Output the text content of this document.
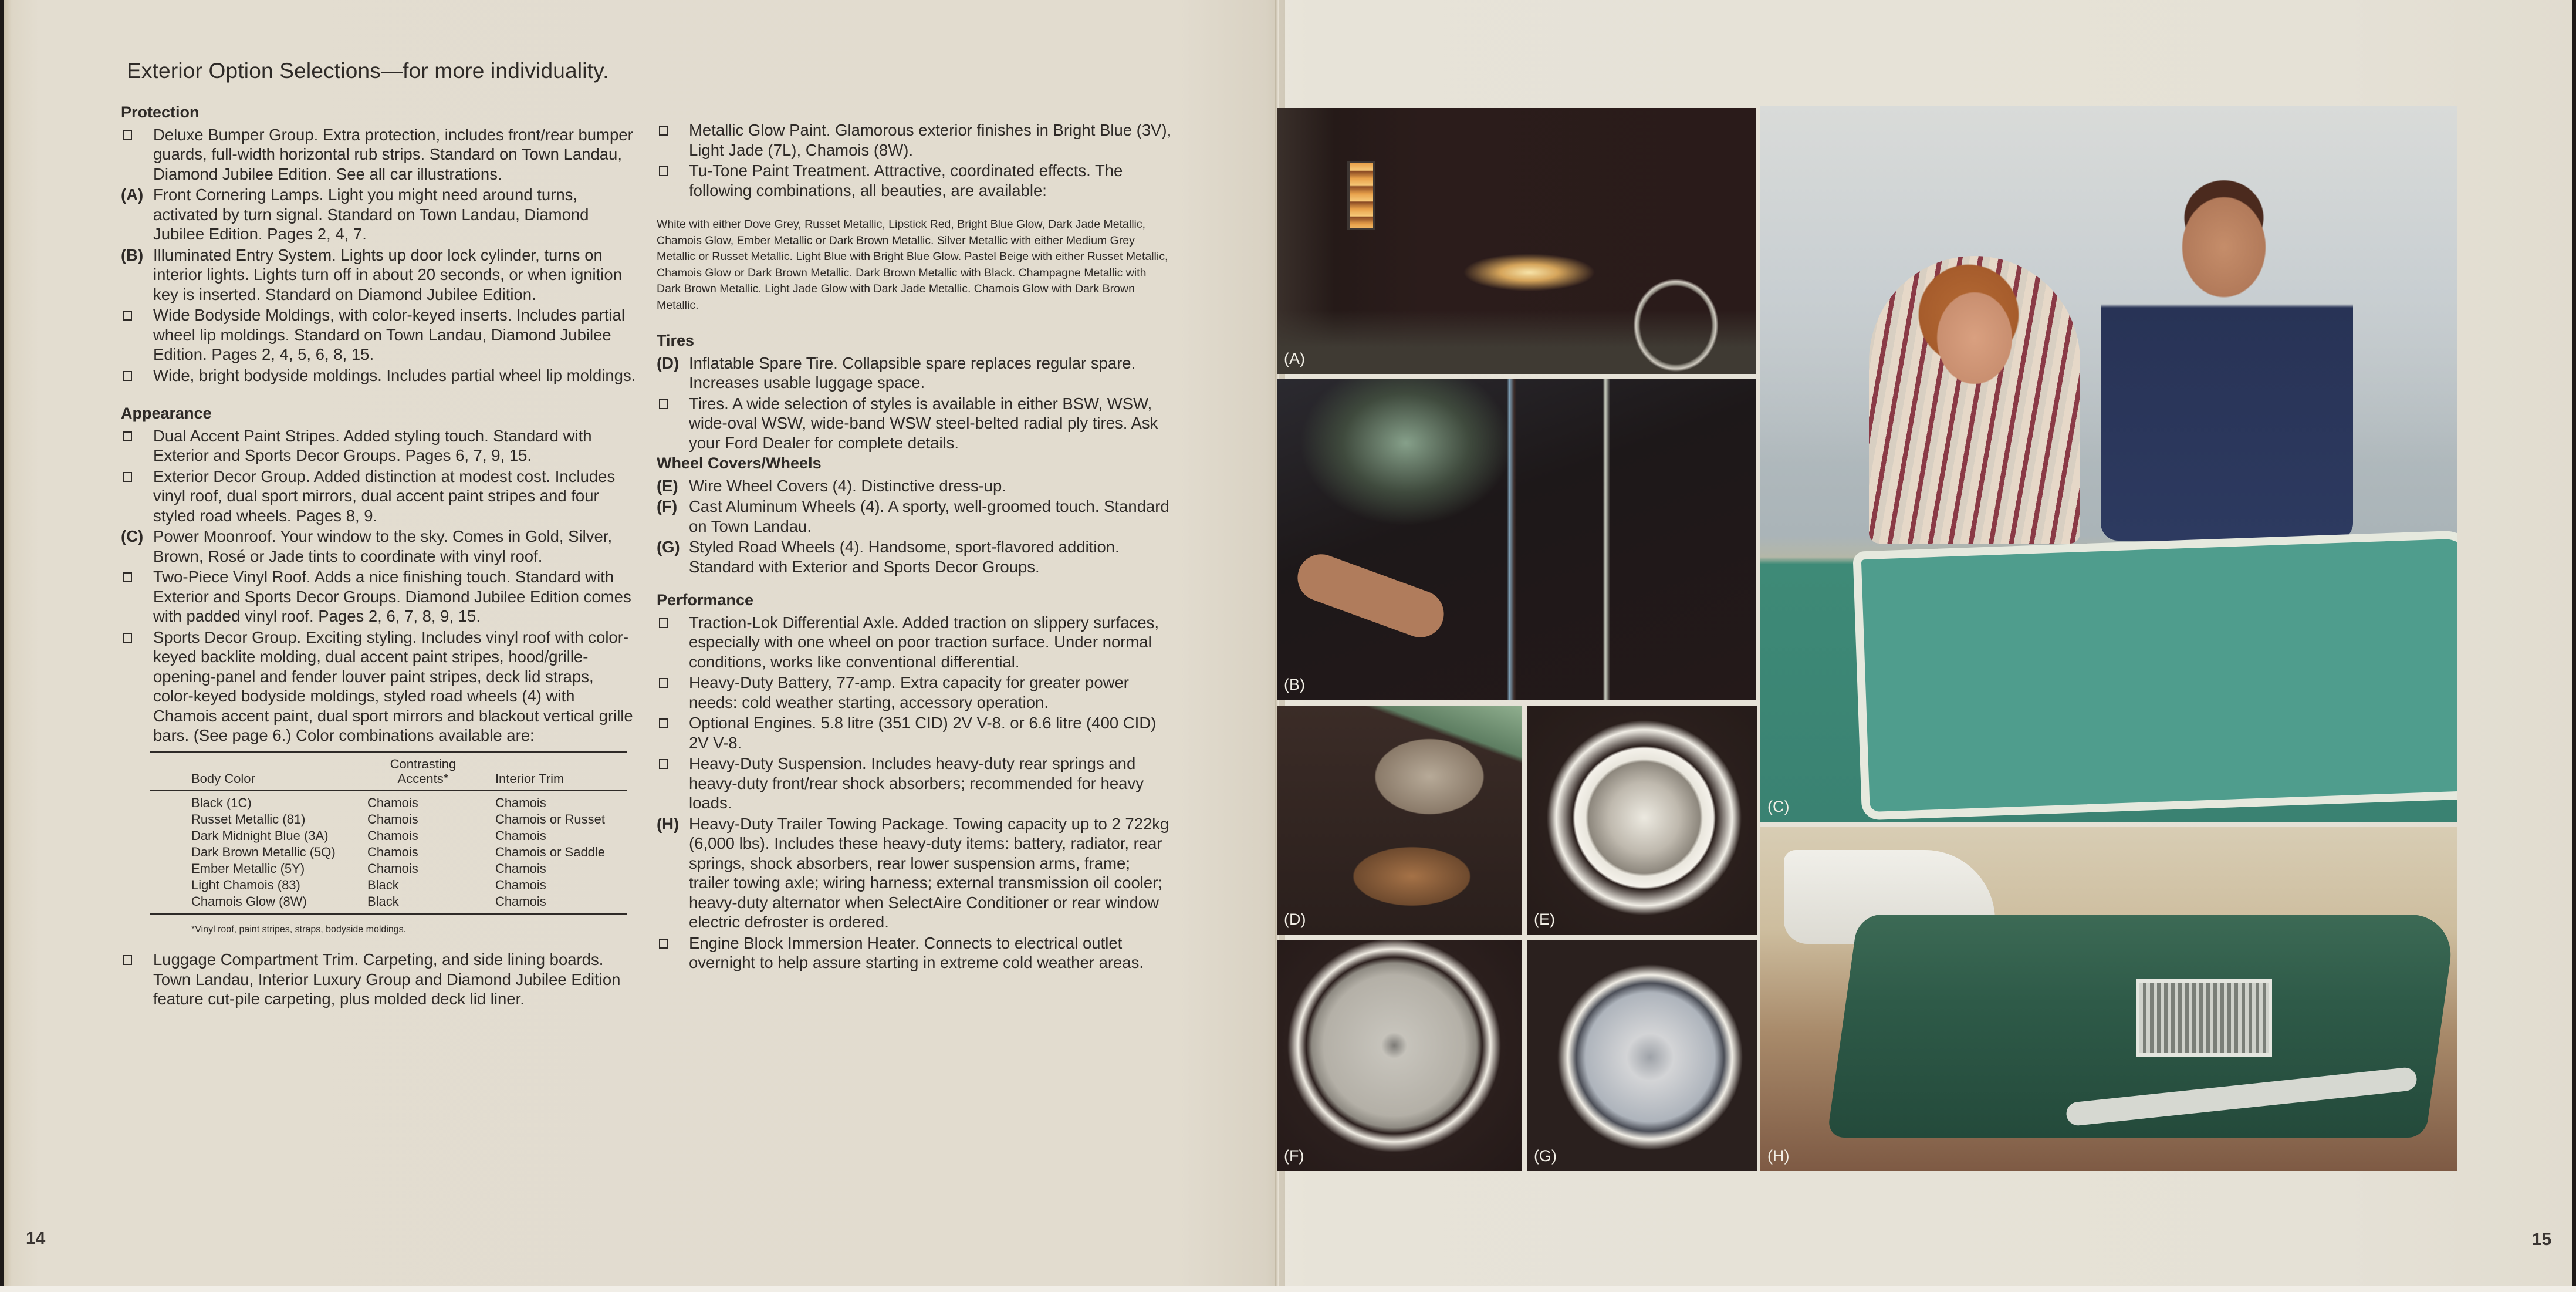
Exterior Option Selections—for more individuality.
Protection
Deluxe Bumper Group. Extra protection, includes front/rear bumper guards, full-width horizontal rub strips. Standard on Town Landau, Diamond Jubilee Edition. See all car illustrations.
(A) Front Cornering Lamps. Light you might need around turns, activated by turn signal. Standard on Town Landau, Diamond Jubilee Edition. Pages 2, 4, 7.
(B) Illuminated Entry System. Lights up door lock cylinder, turns on interior lights. Lights turn off in about 20 seconds, or when ignition key is inserted. Standard on Diamond Jubilee Edition.
Wide Bodyside Moldings, with color-keyed inserts. Includes partial wheel lip moldings. Standard on Town Landau, Diamond Jubilee Edition. Pages 2, 4, 5, 6, 8, 15.
Wide, bright bodyside moldings. Includes partial wheel lip moldings.
Appearance
Dual Accent Paint Stripes. Added styling touch. Standard with Exterior and Sports Decor Groups. Pages 6, 7, 9, 15.
Exterior Decor Group. Added distinction at modest cost. Includes vinyl roof, dual sport mirrors, dual accent paint stripes and four styled road wheels. Pages 8, 9.
(C) Power Moonroof. Your window to the sky. Comes in Gold, Silver, Brown, Rosé or Jade tints to coordinate with vinyl roof.
Two-Piece Vinyl Roof. Adds a nice finishing touch. Standard with Exterior and Sports Decor Groups. Diamond Jubilee Edition comes with padded vinyl roof. Pages 2, 6, 7, 8, 9, 15.
Sports Decor Group. Exciting styling. Includes vinyl roof with color-keyed backlite molding, dual accent paint stripes, hood/grille-opening-panel and fender louver paint stripes, deck lid straps, color-keyed bodyside moldings, styled road wheels (4) with Chamois accent paint, dual sport mirrors and blackout vertical grille bars. (See page 6.) Color combinations available are:
Body Color	Contrasting Accents*	Interior Trim
Black (1C)	Chamois	Chamois
Russet Metallic (81)	Chamois	Chamois or Russet
Dark Midnight Blue (3A)	Chamois	Chamois
Dark Brown Metallic (5Q)	Chamois	Chamois or Saddle
Ember Metallic (5Y)	Chamois	Chamois
Light Chamois (83)	Black	Chamois
Chamois Glow (8W)	Black	Chamois
*Vinyl roof, paint stripes, straps, bodyside moldings.
Luggage Compartment Trim. Carpeting, and side lining boards. Town Landau, Interior Luxury Group and Diamond Jubilee Edition feature cut-pile carpeting, plus molded deck lid liner.
Metallic Glow Paint. Glamorous exterior finishes in Bright Blue (3V), Light Jade (7L), Chamois (8W).
Tu-Tone Paint Treatment. Attractive, coordinated effects. The following combinations, all beauties, are available:
White with either Dove Grey, Russet Metallic, Lipstick Red, Bright Blue Glow, Dark Jade Metallic, Chamois Glow, Ember Metallic or Dark Brown Metallic. Silver Metallic with either Medium Grey Metallic or Russet Metallic. Light Blue with Bright Blue Glow. Pastel Beige with either Russet Metallic, Chamois Glow or Dark Brown Metallic. Dark Brown Metallic with Black. Champagne Metallic with Dark Brown Metallic. Light Jade Glow with Dark Jade Metallic. Chamois Glow with Dark Brown Metallic.
Tires
(D) Inflatable Spare Tire. Collapsible spare replaces regular spare. Increases usable luggage space.
Tires. A wide selection of styles is available in either BSW, WSW, wide-oval WSW, wide-band WSW steel-belted radial ply tires. Ask your Ford Dealer for complete details.
Wheel Covers/Wheels
(E) Wire Wheel Covers (4). Distinctive dress-up.
(F) Cast Aluminum Wheels (4). A sporty, well-groomed touch. Standard on Town Landau.
(G) Styled Road Wheels (4). Handsome, sport-flavored addition. Standard with Exterior and Sports Decor Groups.
Performance
Traction-Lok Differential Axle. Added traction on slippery surfaces, especially with one wheel on poor traction surface. Under normal conditions, works like conventional differential.
Heavy-Duty Battery, 77-amp. Extra capacity for greater power needs: cold weather starting, accessory operation.
Optional Engines. 5.8 litre (351 CID) 2V V-8. or 6.6 litre (400 CID) 2V V-8.
Heavy-Duty Suspension. Includes heavy-duty rear springs and heavy-duty front/rear shock absorbers; recommended for heavy loads.
(H) Heavy-Duty Trailer Towing Package. Towing capacity up to 2 722kg (6,000 lbs). Includes these heavy-duty items: battery, radiator, rear springs, shock absorbers, rear lower suspension arms, frame; trailer towing axle; wiring harness; external transmission oil cooler; heavy-duty alternator when SelectAire Conditioner or rear window electric defroster is ordered.
Engine Block Immersion Heater. Connects to electrical outlet overnight to help assure starting in extreme cold weather areas.
14	15
(A)
(B)
(C)
(D)	(E)
(F)	(G)	(H)
